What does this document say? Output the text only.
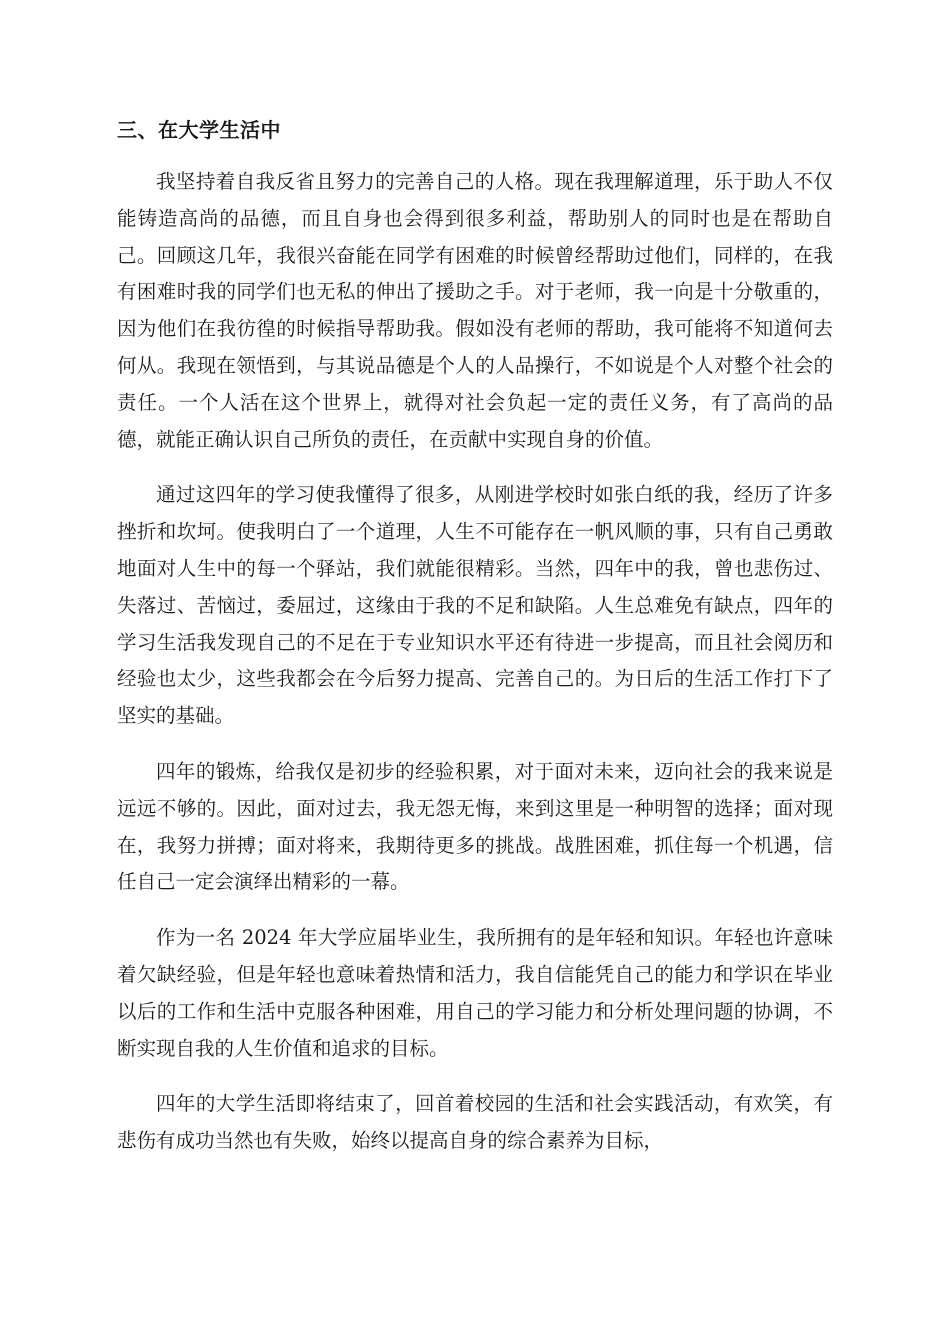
三、在大学生活中

我坚持着自我反省且努力的完善自己的人格。现在我理解道理，乐于助人不仅能铸造高尚的品德，而且自身也会得到很多利益，帮助别人的同时也是在帮助自己。回顾这几年，我很兴奋能在同学有困难的时候曾经帮助过他们，同样的，在我有困难时我的同学们也无私的伸出了援助之手。对于老师，我一向是十分敬重的，因为他们在我彷徨的时候指导帮助我。假如没有老师的帮助，我可能将不知道何去何从。我现在领悟到，与其说品德是个人的人品操行，不如说是个人对整个社会的责任。一个人活在这个世界上，就得对社会负起一定的责任义务，有了高尚的品德，就能正确认识自己所负的责任，在贡献中实现自身的价值。

通过这四年的学习使我懂得了很多，从刚进学校时如张白纸的我，经历了许多挫折和坎坷。使我明白了一个道理，人生不可能存在一帆风顺的事，只有自己勇敢地面对人生中的每一个驿站，我们就能很精彩。当然，四年中的我，曾也悲伤过、失落过、苦恼过，委屈过，这缘由于我的不足和缺陷。人生总难免有缺点，四年的学习生活我发现自己的不足在于专业知识水平还有待进一步提高，而且社会阅历和经验也太少，这些我都会在今后努力提高、完善自己的。为日后的生活工作打下了坚实的基础。

四年的锻炼，给我仅是初步的经验积累，对于面对未来，迈向社会的我来说是远远不够的。因此，面对过去，我无怨无悔，来到这里是一种明智的选择；面对现在，我努力拼搏；面对将来，我期待更多的挑战。战胜困难，抓住每一个机遇，信任自己一定会演绎出精彩的一幕。

作为一名 2024 年大学应届毕业生，我所拥有的是年轻和知识。年轻也许意味着欠缺经验，但是年轻也意味着热情和活力，我自信能凭自己的能力和学识在毕业以后的工作和生活中克服各种困难，用自己的学习能力和分析处理问题的协调，不断实现自我的人生价值和追求的目标。

四年的大学生活即将结束了，回首着校园的生活和社会实践活动，有欢笑，有悲伤有成功当然也有失败，始终以提高自身的综合素养为目标，
